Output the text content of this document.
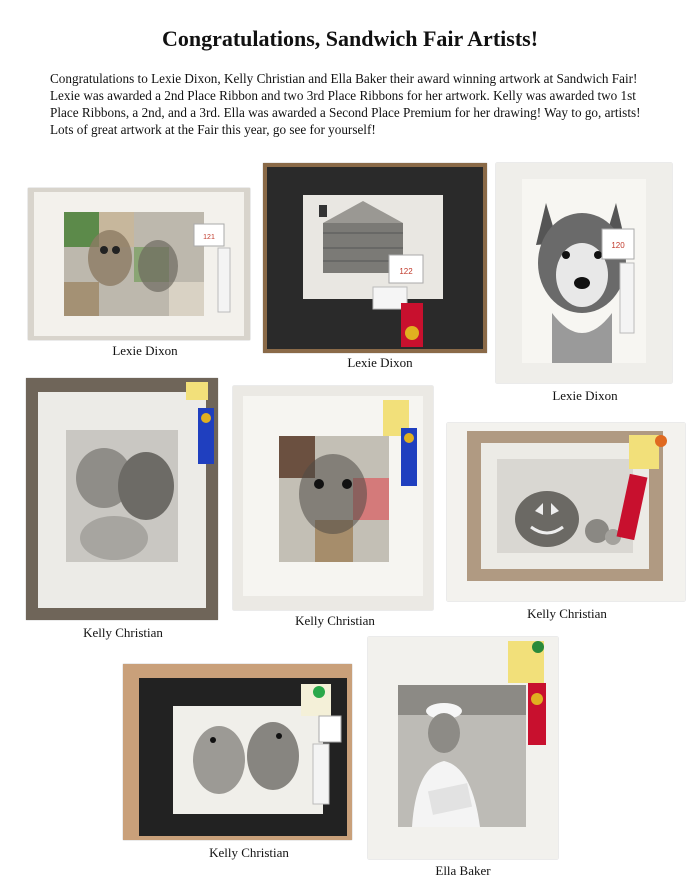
Congratulations, Sandwich Fair Artists!
Congratulations to Lexie Dixon, Kelly Christian and Ella Baker their award winning artwork at Sandwich Fair! Lexie was awarded a 2nd Place Ribbon and two 3rd Place Ribbons for her artwork. Kelly was awarded two 1st Place Ribbons, a 2nd, and a 3rd. Ella was awarded a Second Place Premium for her drawing! Way to go, artists! Lots of great artwork at the Fair this year, go see for yourself!
121
Lexie Dixon
122
Lexie Dixon
120
Lexie Dixon
Kelly Christian
Kelly Christian	Kelly Christian
Kelly Christian
Ella Baker
